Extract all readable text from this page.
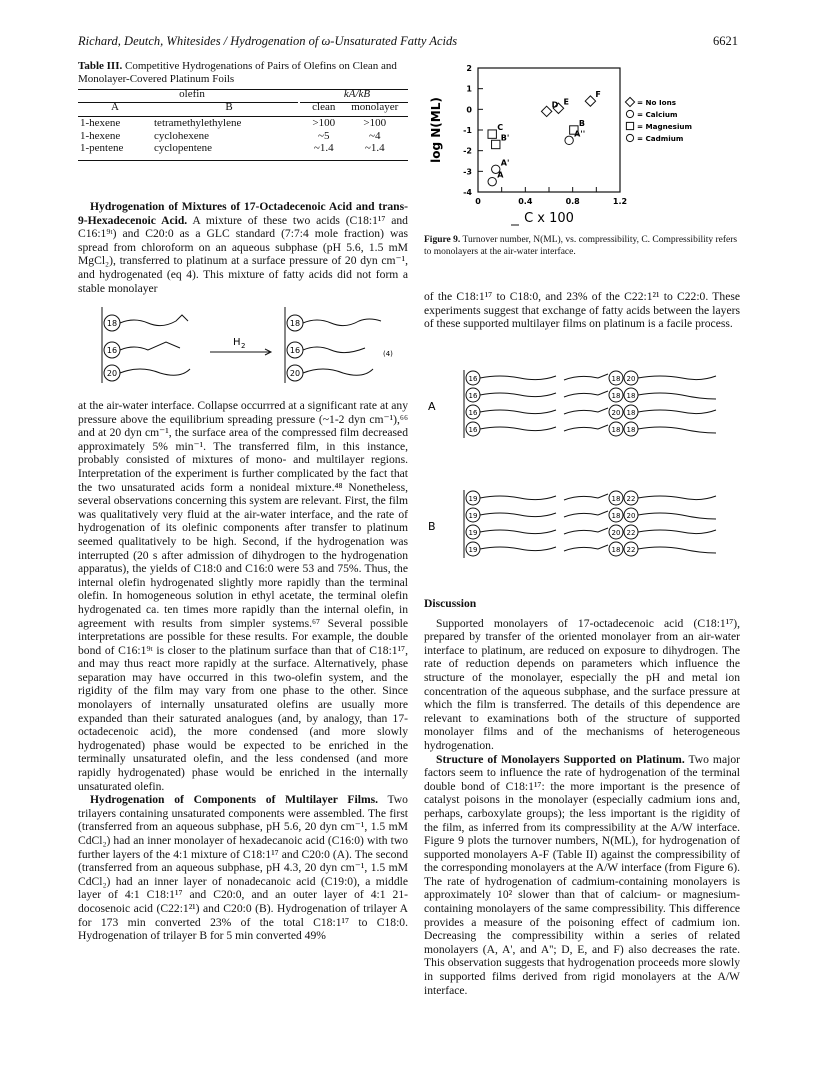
Richard, Deutch, Whitesides / Hydrogenation of ω-Unsaturated Fatty Acids	6621
Table III. Competitive Hydrogenations of Pairs of Olefins on Clean and Monolayer-Covered Platinum Foils
olefin		kA/kB	
A	B	clean	monolayer

1-hexene	tetramethylethylene	>100	>100
1-hexene	cyclohexene	~5	~4
1-pentene	cyclopentene	~1.4	~1.4

Hydrogenation of Mixtures of 17-Octadecenoic Acid and trans-9-Hexadecenoic Acid. A mixture of these two acids (C18:1¹⁷ and C16:1⁹ᵗ) and C20:0 as a GLC standard (7:7:4 mole fraction) was spread from chloroform on an aqueous subphase (pH 5.6, 1.5 mM MgCl₂), transferred to platinum at a surface pressure of 20 dyn cm⁻¹, and hydrogenated (eq 4). This mixture of fatty acids did not form a stable monolayer

18
16
20
18
16
20
H 2
(4)

at the air-water interface. Collapse occurrred at a significant rate at any pressure above the equilibrium spreading pressure (~1-2 dyn cm⁻¹),⁶⁶ and at 20 dyn cm⁻¹, the surface area of the compressed film decreased approximately 5% min⁻¹. The transferred film, in this instance, probably consisted of mixtures of mono- and multilayer regions. Interpretation of the experiment is further complicated by the fact that the two unsaturated acids form a nonideal mixture.⁴⁸ Nonetheless, several observations concerning this system are relevant. First, the film was qualitatively very fluid at the air-water interface, and the rate of hydrogenation of its olefinic components after transfer to platinum seemed qualitatively to be high. Second, if the hydrogenation was interrupted (20 s after admission of dihydrogen to the hydrogenation apparatus), the yields of C18:0 and C16:0 were 53 and 75%. Thus, the internal olefin hydrogenated slightly more rapidly than the terminal olefin. In homogeneous solution in ethyl acetate, the terminal olefin hydrogenated ca. ten times more rapidly than the internal olefin, in agreement with results from simpler systems.⁶⁷ Several possible interpretations are possible for these results. For example, the double bond of C16:1⁹ᵗ is closer to the platinum surface than that of C18:1¹⁷, and may thus react more rapidly at the surface. Alternatively, phase separation may have occurred in this two-olefin system, and the rigidity of the film may vary from one phase to the other. Since monolayers of internally unsaturated olefins are usually more expanded than their saturated analogues (and, by analogy, than 17-octadecenoic acid), the more condensed (and more slowly hydrogenated) phase would be expected to be enriched in the terminally unsaturated olefin, and the less condensed (and more rapidly hydrogenated) phase would be enriched in the internally unsaturated olefin.

Hydrogenation of Components of Multilayer Films. Two trilayers containing unsaturated components were assembled. The first (transferred from an aqueous subphase, pH 5.6, 20 dyn cm⁻¹, 1.5 mM CdCl₂) had an inner monolayer of hexadecanoic acid (C16:0) with two further layers of the 4:1 mixture of C18:1¹⁷ and C20:0 (A). The second (transferred from an aqueous subphase, pH 4.3, 20 dyn cm⁻¹, 1.5 mM CdCl₂) had an inner layer of nonadecanoic acid (C19:0), a middle layer of 4:1 C18:1¹⁷ and C20:0, and an outer layer of 4:1 21-docosenoic acid (C22:1²¹) and C20:0 (B). Hydrogenation of trilayer A for 173 min converted 23% of the total C18:1¹⁷ to C18:0. Hydrogenation of trilayer B for 5 min converted 49%

2
1
0
-1
-2
-3
-4
0	0.4	0.8	1.2
C x 100
log N(ML)
A
A'
A''
B
B'
C
D E
F
= No Ions
= Calcium
= Magnesium
= Cadmium
Figure 9. Turnover number, N(ML), vs. compressibility, C. Compressibility refers to monolayers at the air-water interface.

of the C18:1¹⁷ to C18:0, and 23% of the C22:1²¹ to C22:0. These experiments suggest that exchange of fatty acids between the layers of these supported multilayer films on platinum is a facile process.

A
16	18 20
16	18 18
16	20 18
16	18 18
B
19	18 22
19	18 20
19	20 22
19	18 22

Discussion

Supported monolayers of 17-octadecenoic acid (C18:1¹⁷), prepared by transfer of the oriented monolayer from an air-water interface to platinum, are reduced on exposure to dihydrogen. The rate of reduction depends on parameters which influence the structure of the monolayer, especially the pH and metal ion concentration of the aqueous subphase, and the surface pressure at which the film is transferred. The details of this dependence are relevant to examinations both of the structure of supported monolayer films and of the mechanisms of heterogeneous hydrogenation.

Structure of Monolayers Supported on Platinum. Two major factors seem to influence the rate of hydrogenation of the terminal double bond of C18:1¹⁷: the more important is the presence of catalyst poisons in the monolayer (especially cadmium ions and, perhaps, carboxylate groups); the less important is the rigidity of the film, as inferred from its compressibility at the A/W interface. Figure 9 plots the turnover numbers, N(ML), for hydrogenation of supported monolayers A-F (Table II) against the compressibility of the corresponding monolayers at the A/W interface (from Figure 6). The rate of hydrogenation of cadmium-containing monolayers is approximately 10² slower than that of calcium- or magnesium-containing monolayers of the same compressibility. This difference provides a measure of the poisoning effect of cadmium ion. Decreasing the compressibility within a series of related monolayers (A, A', and A''; D, E, and F) also decreases the rate. This observation suggests that hydrogenation proceeds more slowly in supported films derived from rigid monolayers at the A/W interface.
